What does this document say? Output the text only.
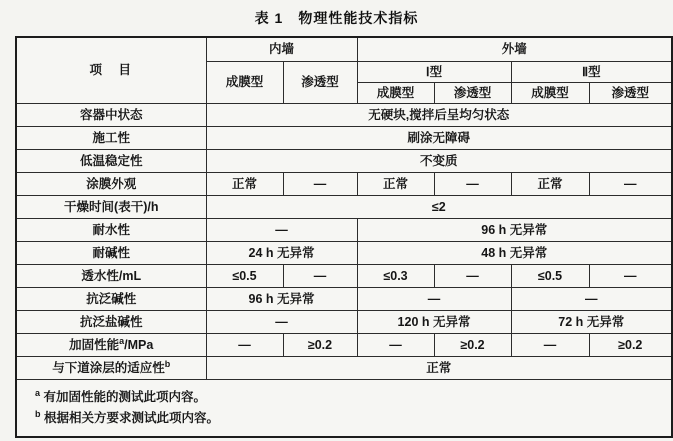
表 1　物理性能技术指标
项　目	内墙		外墙			
	成膜型	渗透型	Ⅰ型		Ⅱ型	
			成膜型	渗透型	成膜型	渗透型
容器中状态	无硬块,搅拌后呈均匀状态					
施工性	刷涂无障碍					
低温稳定性	不变质					
涂膜外观	正常	—	正常	—	正常	—
干燥时间(表干)/h	≤2					
耐水性	—		96 h 无异常			
耐碱性	24 h 无异常		48 h 无异常			
透水性/mL	≤0.5	—	≤0.3	—	≤0.5	—
抗泛碱性	96 h 无异常		—		—	
抗泛盐碱性	—		120 h 无异常		72 h 无异常	
加固性能$^a$/MPa	—	≥0.2	—	≥0.2	—	≥0.2
与下道涂层的适应性$^b$	正常					

$^a$ 有加固性能的测试此项内容。
$^b$ 根据相关方要求测试此项内容。						
